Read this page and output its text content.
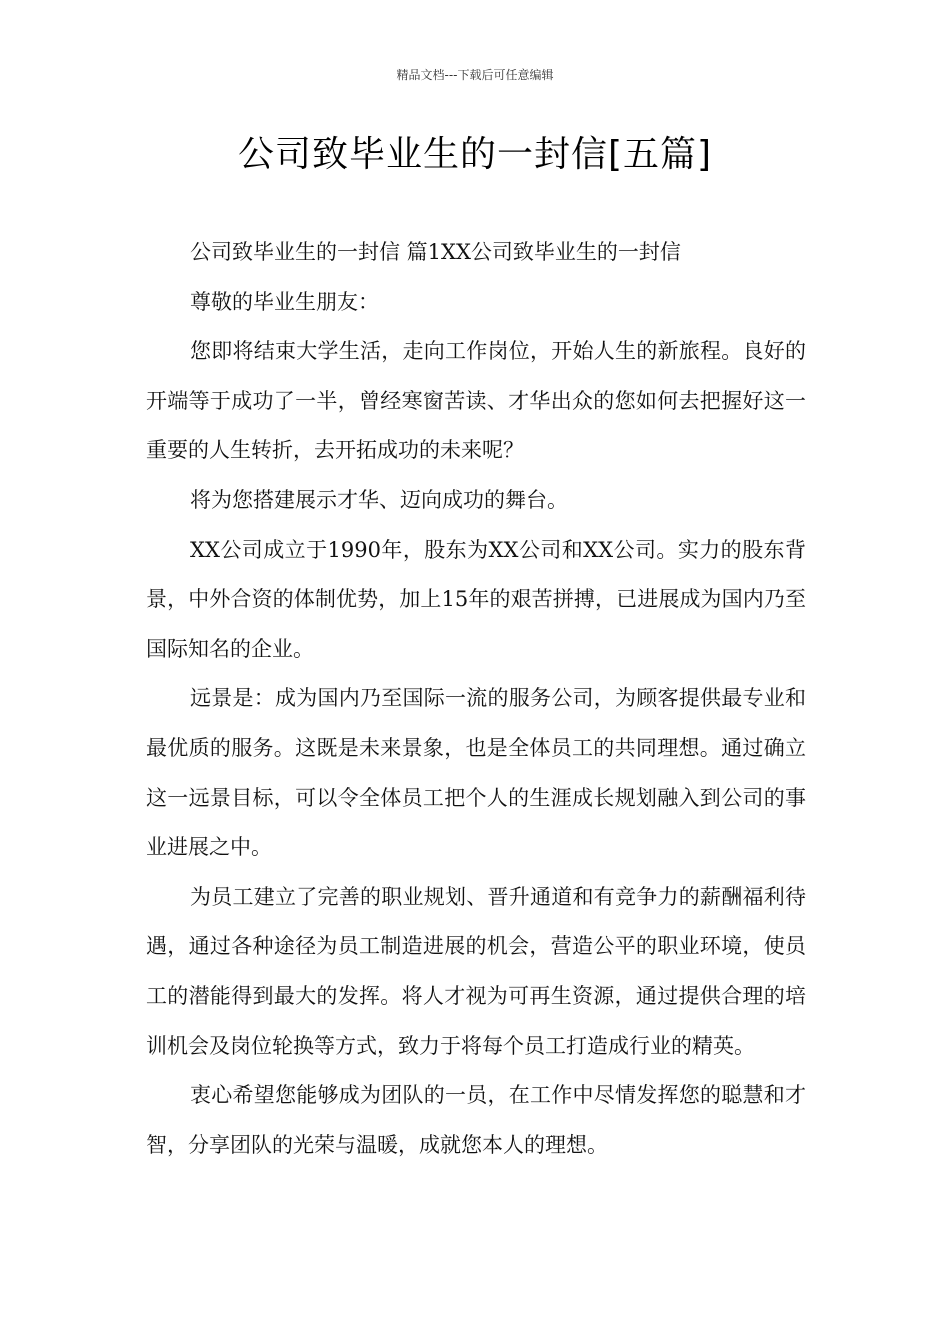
精品文档---下载后可任意编辑
公司致毕业生的一封信[五篇]

公司致毕业生的一封信 篇1XX公司致毕业生的一封信

尊敬的毕业生朋友：

您即将结束大学生活，走向工作岗位，开始人生的新旅程。良好的开端等于成功了一半，曾经寒窗苦读、才华出众的您如何去把握好这一重要的人生转折，去开拓成功的未来呢？

将为您搭建展示才华、迈向成功的舞台。

XX公司成立于1990年，股东为XX公司和XX公司。实力的股东背景，中外合资的体制优势，加上15年的艰苦拼搏，已进展成为国内乃至国际知名的企业。

远景是：成为国内乃至国际一流的服务公司，为顾客提供最专业和最优质的服务。这既是未来景象，也是全体员工的共同理想。通过确立这一远景目标，可以令全体员工把个人的生涯成长规划融入到公司的事业进展之中。

为员工建立了完善的职业规划、晋升通道和有竞争力的薪酬福利待遇，通过各种途径为员工制造进展的机会，营造公平的职业环境，使员工的潜能得到最大的发挥。将人才视为可再生资源，通过提供合理的培训机会及岗位轮换等方式，致力于将每个员工打造成行业的精英。

衷心希望您能够成为团队的一员，在工作中尽情发挥您的聪慧和才智，分享团队的光荣与温暖，成就您本人的理想。
